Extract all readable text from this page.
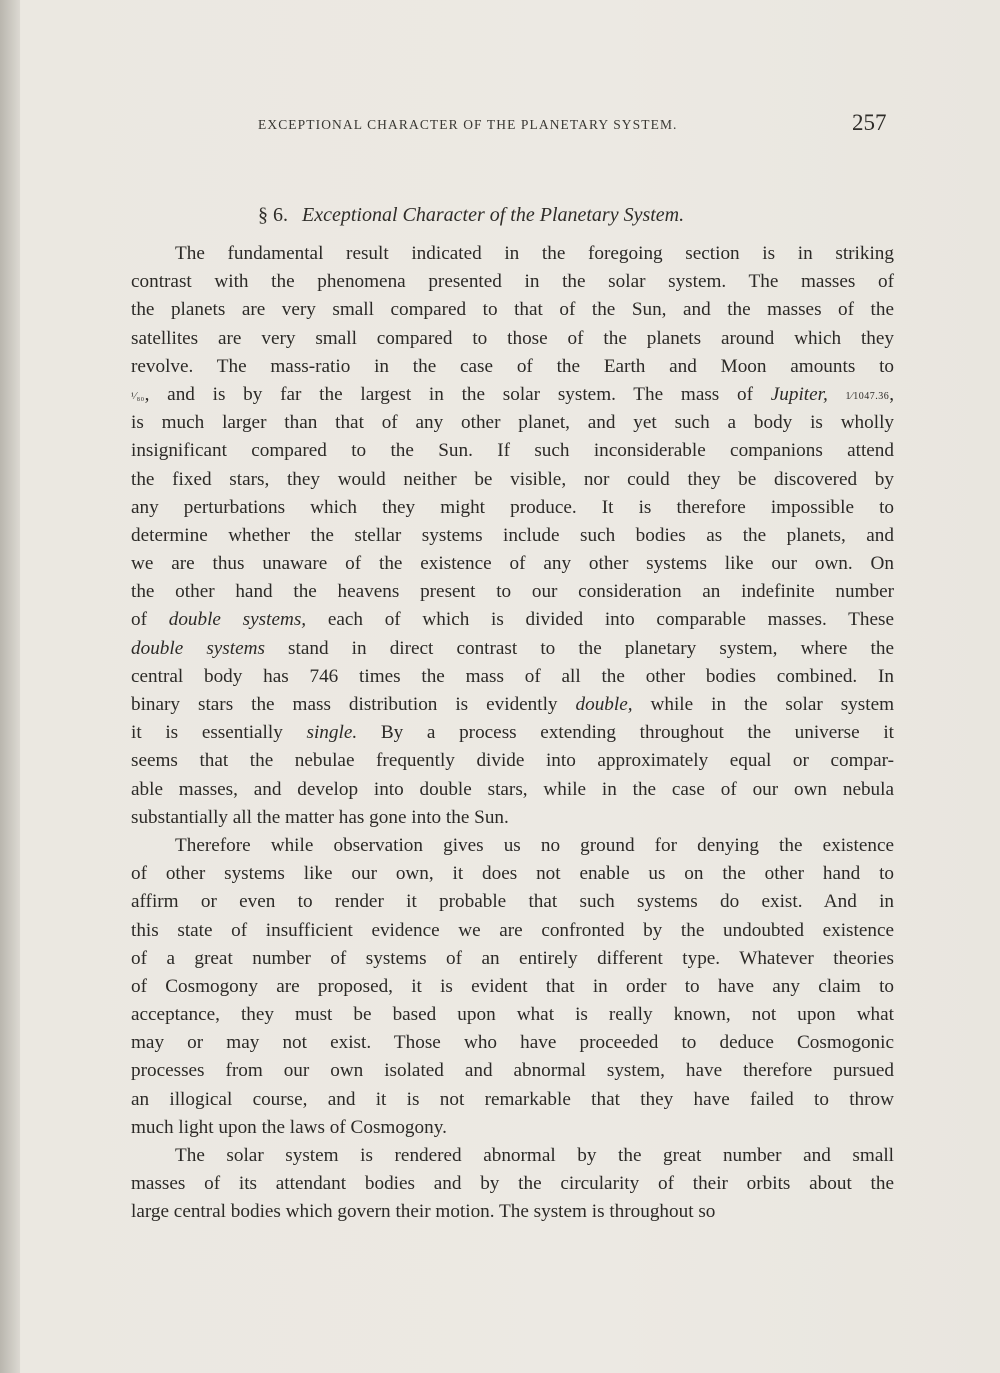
EXCEPTIONAL CHARACTER OF THE PLANETARY SYSTEM.	257
§ 6. Exceptional Character of the Planetary System.
The fundamental result indicated in the foregoing section is in striking
contrast with the phenomena presented in the solar system. The masses of
the planets are very small compared to that of the Sun, and the masses of the
satellites are very small compared to those of the planets around which they
revolve. The mass-ratio in the case of the Earth and Moon amounts to
¹⁄₈₀, and is by far the largest in the solar system. The mass of Jupiter, 1⁄1047.36,
is much larger than that of any other planet, and yet such a body is wholly
insignificant compared to the Sun. If such inconsiderable companions attend
the fixed stars, they would neither be visible, nor could they be discovered by
any perturbations which they might produce. It is therefore impossible to
determine whether the stellar systems include such bodies as the planets, and
we are thus unaware of the existence of any other systems like our own. On
the other hand the heavens present to our consideration an indefinite number
of double systems, each of which is divided into comparable masses. These
double systems stand in direct contrast to the planetary system, where the
central body has 746 times the mass of all the other bodies combined. In
binary stars the mass distribution is evidently double, while in the solar system
it is essentially single. By a process extending throughout the universe it
seems that the nebulae frequently divide into approximately equal or compar-
able masses, and develop into double stars, while in the case of our own nebula
substantially all the matter has gone into the Sun.
Therefore while observation gives us no ground for denying the existence
of other systems like our own, it does not enable us on the other hand to
affirm or even to render it probable that such systems do exist. And in
this state of insufficient evidence we are confronted by the undoubted existence
of a great number of systems of an entirely different type. Whatever theories
of Cosmogony are proposed, it is evident that in order to have any claim to
acceptance, they must be based upon what is really known, not upon what
may or may not exist. Those who have proceeded to deduce Cosmogonic
processes from our own isolated and abnormal system, have therefore pursued
an illogical course, and it is not remarkable that they have failed to throw
much light upon the laws of Cosmogony.
The solar system is rendered abnormal by the great number and small
masses of its attendant bodies and by the circularity of their orbits about the
large central bodies which govern their motion. The system is throughout so
